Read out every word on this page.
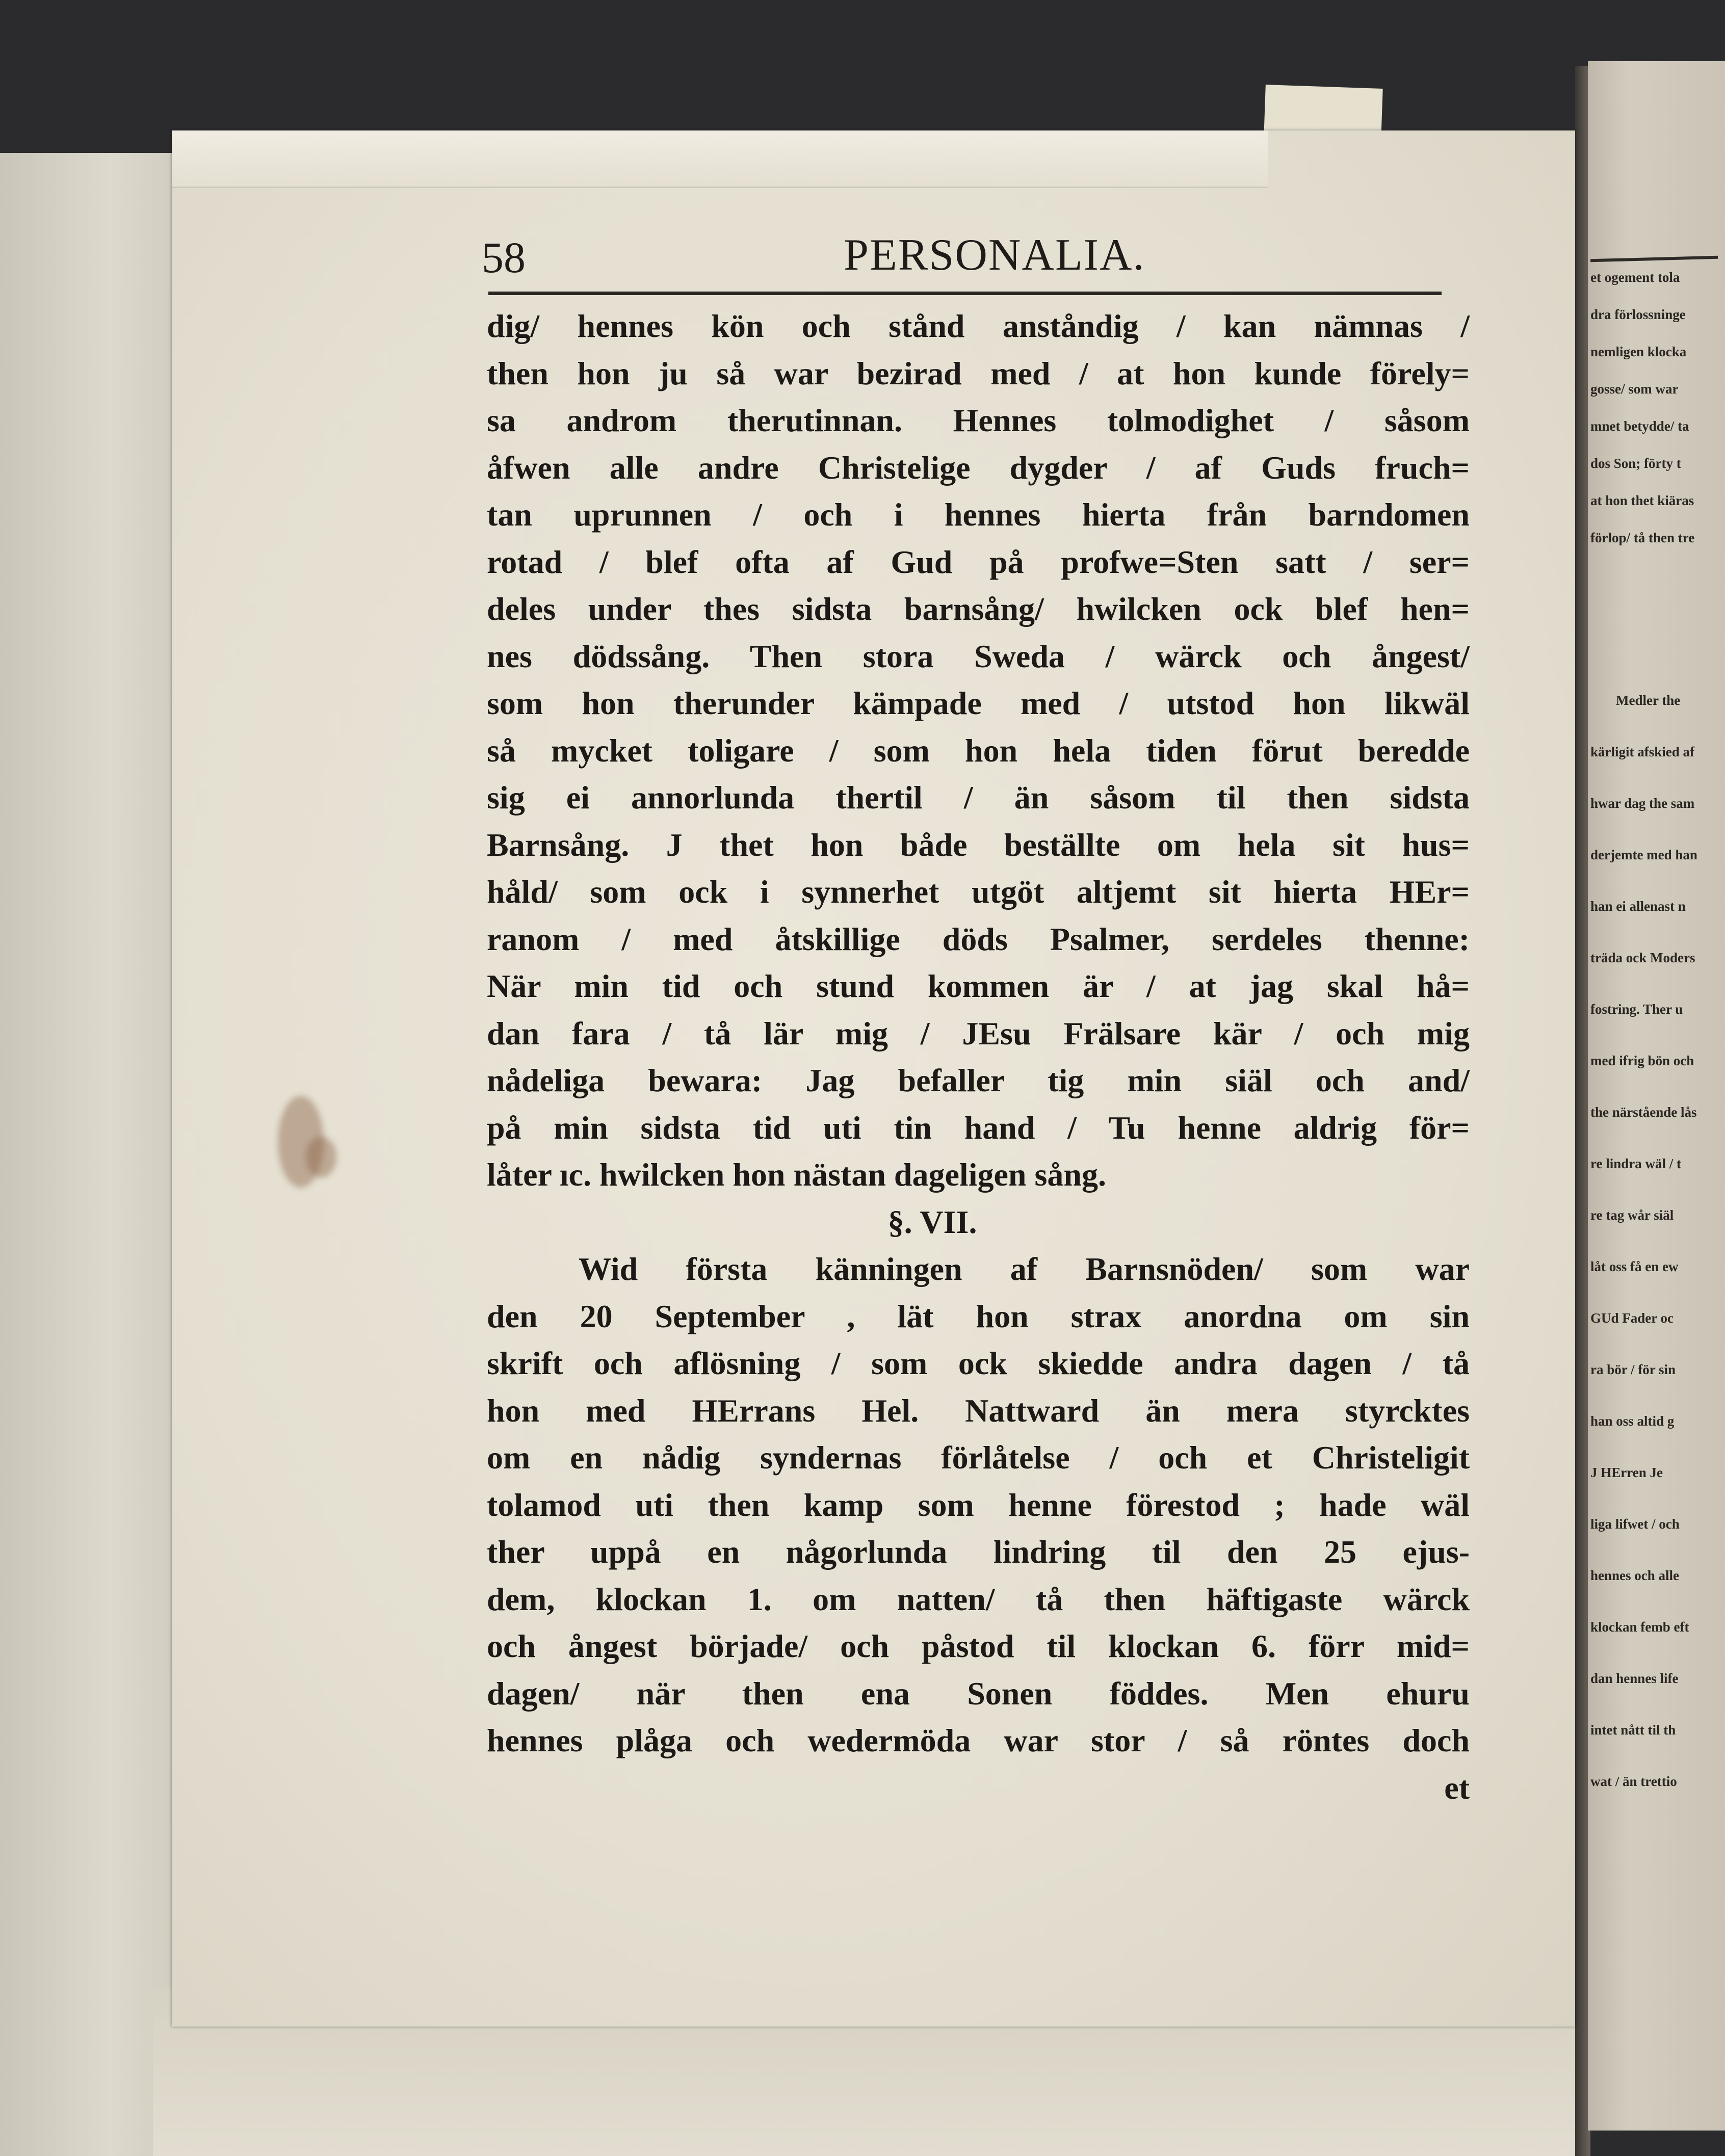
58	PERSONALIA.
dig/ hennes kön och stånd anståndig / kan nämnas /
then hon ju så war bezirad med / at hon kunde förely=
sa androm therutinnan. Hennes tolmodighet / såsom
åfwen alle andre Christelige dygder / af Guds fruch=
tan uprunnen / och i hennes hierta från barndomen
rotad / blef ofta af Gud på profwe=Sten satt / ser=
deles under thes sidsta barnsång/ hwilcken ock blef hen=
nes dödssång. Then stora Sweda / wärck och ångest/
som hon therunder kämpade med / utstod hon likwäl
så mycket toligare / som hon hela tiden förut beredde
sig ei annorlunda thertil / än såsom til then sidsta
Barnsång. J thet hon både beställte om hela sit hus=
håld/ som ock i synnerhet utgöt altjemt sit hierta HEr=
ranom / med åtskillige döds Psalmer, serdeles thenne:
När min tid och stund kommen är / at jag skal hå=
dan fara / tå lär mig / JEsu Frälsare kär / och mig
nådeliga bewara: Jag befaller tig min siäl och and/
på min sidsta tid uti tin hand / Tu henne aldrig för=
låter ıc. hwilcken hon nästan dageligen sång.
§. VII.
Wid första känningen af Barnsnöden/ som war
den 20 September , lät hon strax anordna om sin
skrift och aflösning / som ock skiedde andra dagen / tå
hon med HErrans Hel. Nattward än mera styrcktes
om en nådig syndernas förlåtelse / och et Christeligit
tolamod uti then kamp som henne förestod ; hade wäl
ther uppå en någorlunda lindring til den 25 ejus-
dem, klockan 1. om natten/ tå then häftigaste wärck
och ångest började/ och påstod til klockan 6. förr mid=
dagen/ när then ena Sonen föddes. Men ehuru
hennes plåga och wedermöda war stor / så röntes doch
et
et ogement tola
dra förlossninge
nemligen klocka
gosse/ som war
mnet betydde/ ta
dos Son; förty t
at hon thet kiäras
förlop/ tå then tre
Medler the
kärligit afskied af
hwar dag the sam
derjemte med han
han ei allenast n
träda ock Moders
fostring. Ther u
med ifrig bön och
the närstående lås
re lindra wäl / t
re tag wår siäl
låt oss få en ew
GUd Fader oc
ra bör / för sin
han oss altid g
J HErren Je
liga lifwet / och
hennes och alle
klockan femb eft
dan hennes life
intet nått til th
wat / än trettio
